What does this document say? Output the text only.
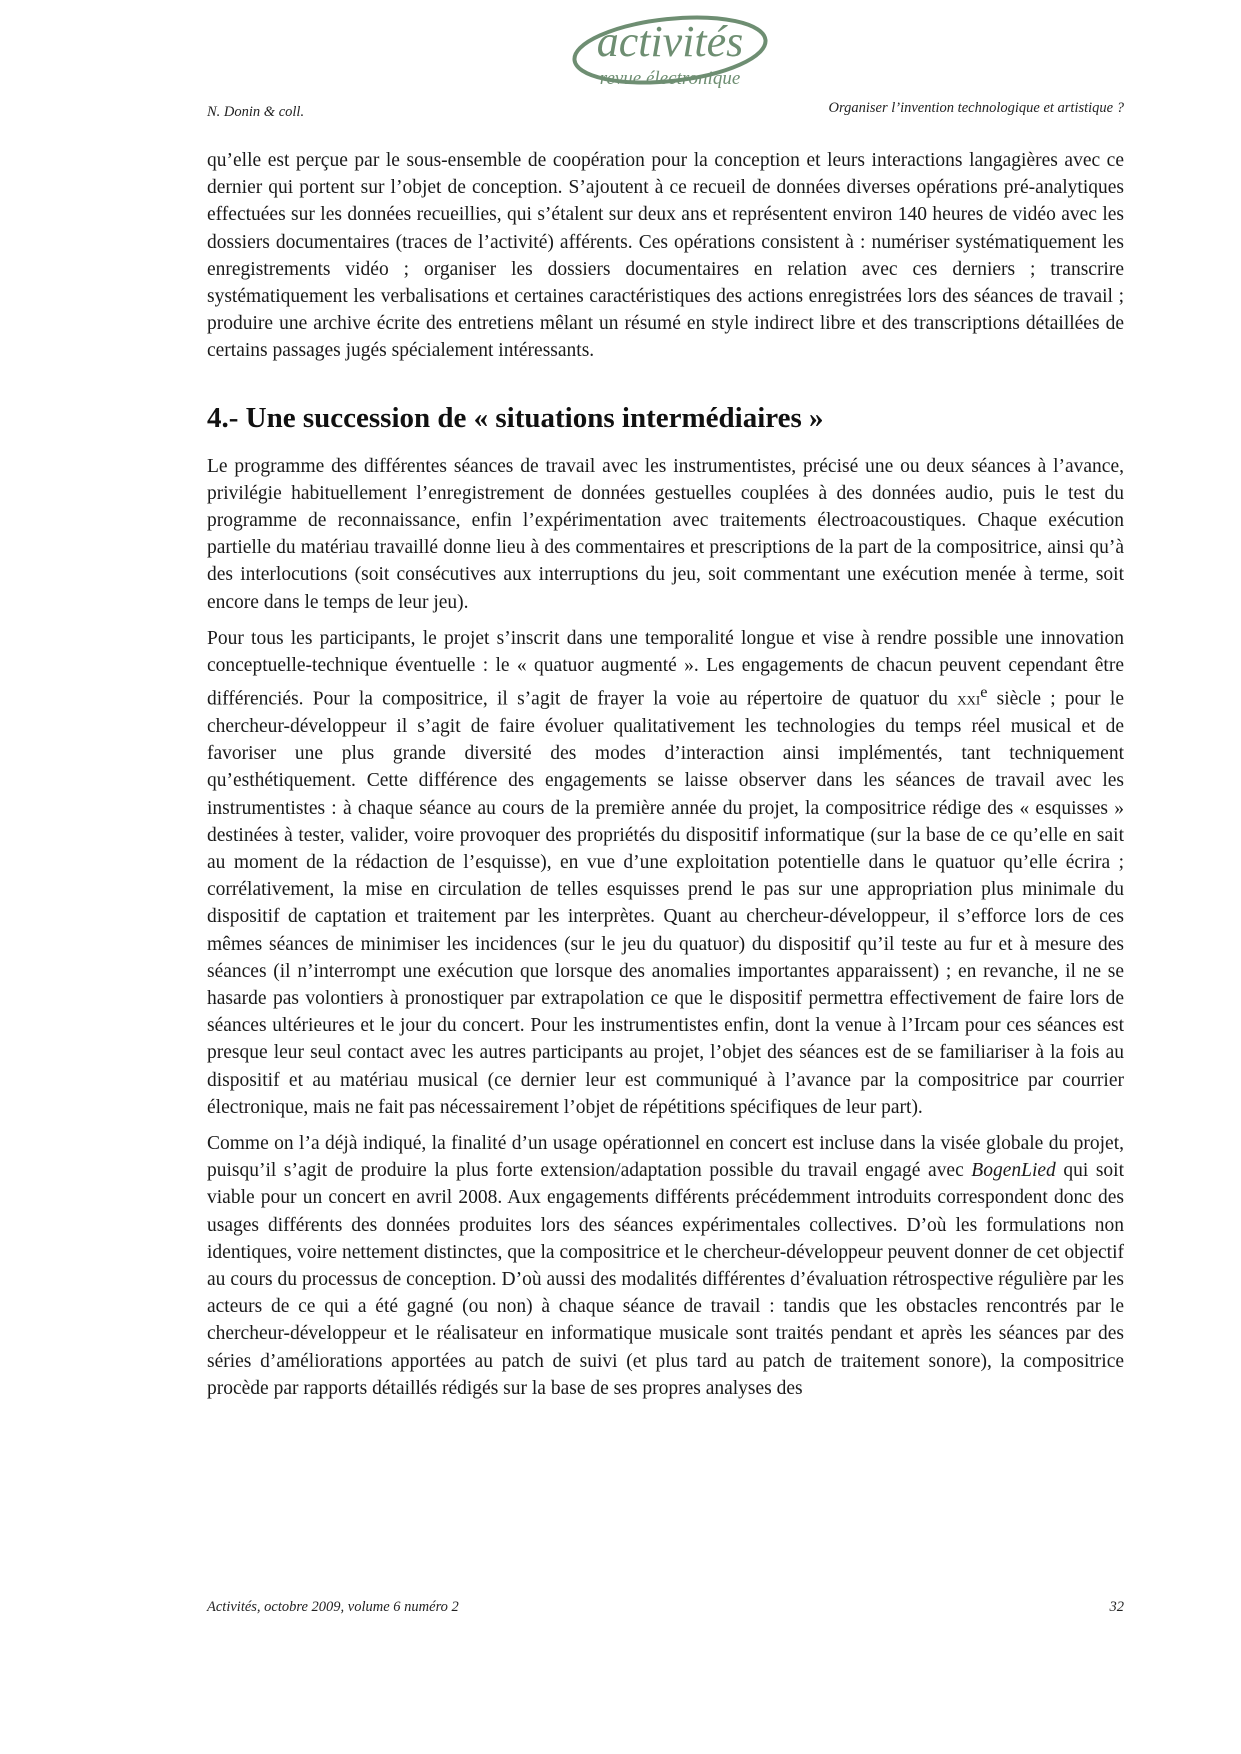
activités
revue électronique
N. Donin & coll.	Organiser l’invention technologique et artistique ?

qu’elle est perçue par le sous-ensemble de coopération pour la conception et leurs interactions langagières avec ce dernier qui portent sur l’objet de conception. S’ajoutent à ce recueil de données diverses opérations pré-analytiques effectuées sur les données recueillies, qui s’étalent sur deux ans et représentent environ 140 heures de vidéo avec les dossiers documentaires (traces de l’activité) afférents. Ces opérations consistent à : numériser systématiquement les enregistrements vidéo ; organiser les dossiers documentaires en relation avec ces derniers ; transcrire systématiquement les verbalisations et certaines caractéristiques des actions enregistrées lors des séances de travail ; produire une archive écrite des entretiens mêlant un résumé en style indirect libre et des transcriptions détaillées de certains passages jugés spécialement intéressants.

4.- Une succession de « situations intermédiaires »

Le programme des différentes séances de travail avec les instrumentistes, précisé une ou deux séances à l’avance, privilégie habituellement l’enregistrement de données gestuelles couplées à des données audio, puis le test du programme de reconnaissance, enfin l’expérimentation avec traitements électroacoustiques. Chaque exécution partielle du matériau travaillé donne lieu à des commentaires et prescriptions de la part de la compositrice, ainsi qu’à des interlocutions (soit consécutives aux interruptions du jeu, soit commentant une exécution menée à terme, soit encore dans le temps de leur jeu).

Pour tous les participants, le projet s’inscrit dans une temporalité longue et vise à rendre possible une innovation conceptuelle-technique éventuelle : le « quatuor augmenté ». Les engagements de chacun peuvent cependant être différenciés. Pour la compositrice, il s’agit de frayer la voie au répertoire de quatuor du xxi$^e$ siècle ; pour le chercheur-développeur il s’agit de faire évoluer qualitativement les technologies du temps réel musical et de favoriser une plus grande diversité des modes d’interaction ainsi implémentés, tant techniquement qu’esthétiquement. Cette différence des engagements se laisse observer dans les séances de travail avec les instrumentistes : à chaque séance au cours de la première année du projet, la compositrice rédige des « esquisses » destinées à tester, valider, voire provoquer des propriétés du dispositif informatique (sur la base de ce qu’elle en sait au moment de la rédaction de l’esquisse), en vue d’une exploitation potentielle dans le quatuor qu’elle écrira ; corrélativement, la mise en circulation de telles esquisses prend le pas sur une appropriation plus minimale du dispositif de captation et traitement par les interprètes. Quant au chercheur-développeur, il s’efforce lors de ces mêmes séances de minimiser les incidences (sur le jeu du quatuor) du dispositif qu’il teste au fur et à mesure des séances (il n’interrompt une exécution que lorsque des anomalies importantes apparaissent) ; en revanche, il ne se hasarde pas volontiers à pronostiquer par extrapolation ce que le dispositif permettra effectivement de faire lors de séances ultérieures et le jour du concert. Pour les instrumentistes enfin, dont la venue à l’Ircam pour ces séances est presque leur seul contact avec les autres participants au projet, l’objet des séances est de se familiariser à la fois au dispositif et au matériau musical (ce dernier leur est communiqué à l’avance par la compositrice par courrier électronique, mais ne fait pas nécessairement l’objet de répétitions spécifiques de leur part).

Comme on l’a déjà indiqué, la finalité d’un usage opérationnel en concert est incluse dans la visée globale du projet, puisqu’il s’agit de produire la plus forte extension/adaptation possible du travail engagé avec BogenLied qui soit viable pour un concert en avril 2008. Aux engagements différents précédemment introduits correspondent donc des usages différents des données produites lors des séances expérimentales collectives. D’où les formulations non identiques, voire nettement distinctes, que la compositrice et le chercheur-développeur peuvent donner de cet objectif au cours du processus de conception. D’où aussi des modalités différentes d’évaluation rétrospective régulière par les acteurs de ce qui a été gagné (ou non) à chaque séance de travail : tandis que les obstacles rencontrés par le chercheur-développeur et le réalisateur en informatique musicale sont traités pendant et après les séances par des séries d’améliorations apportées au patch de suivi (et plus tard au patch de traitement sonore), la compositrice procède par rapports détaillés rédigés sur la base de ses propres analyses des

Activités, octobre 2009, volume 6 numéro 2	32
